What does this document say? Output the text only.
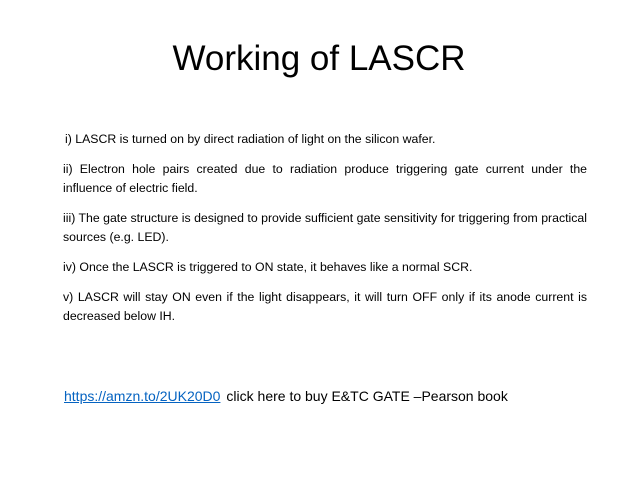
Working of LASCR

i) LASCR is turned on by direct radiation of light on the silicon wafer.

ii) Electron hole pairs created due to radiation produce triggering gate current under the influence of electric field.

iii) The gate structure is designed to provide sufficient gate sensitivity for triggering from practical sources (e.g. LED).

iv) Once the LASCR is triggered to ON state, it behaves like a normal SCR.

v) LASCR will stay ON even if the light disappears, it will turn OFF only if its anode current is decreased below IH.

https://amzn.to/2UK20D0 click here to buy E&TC GATE –Pearson book
